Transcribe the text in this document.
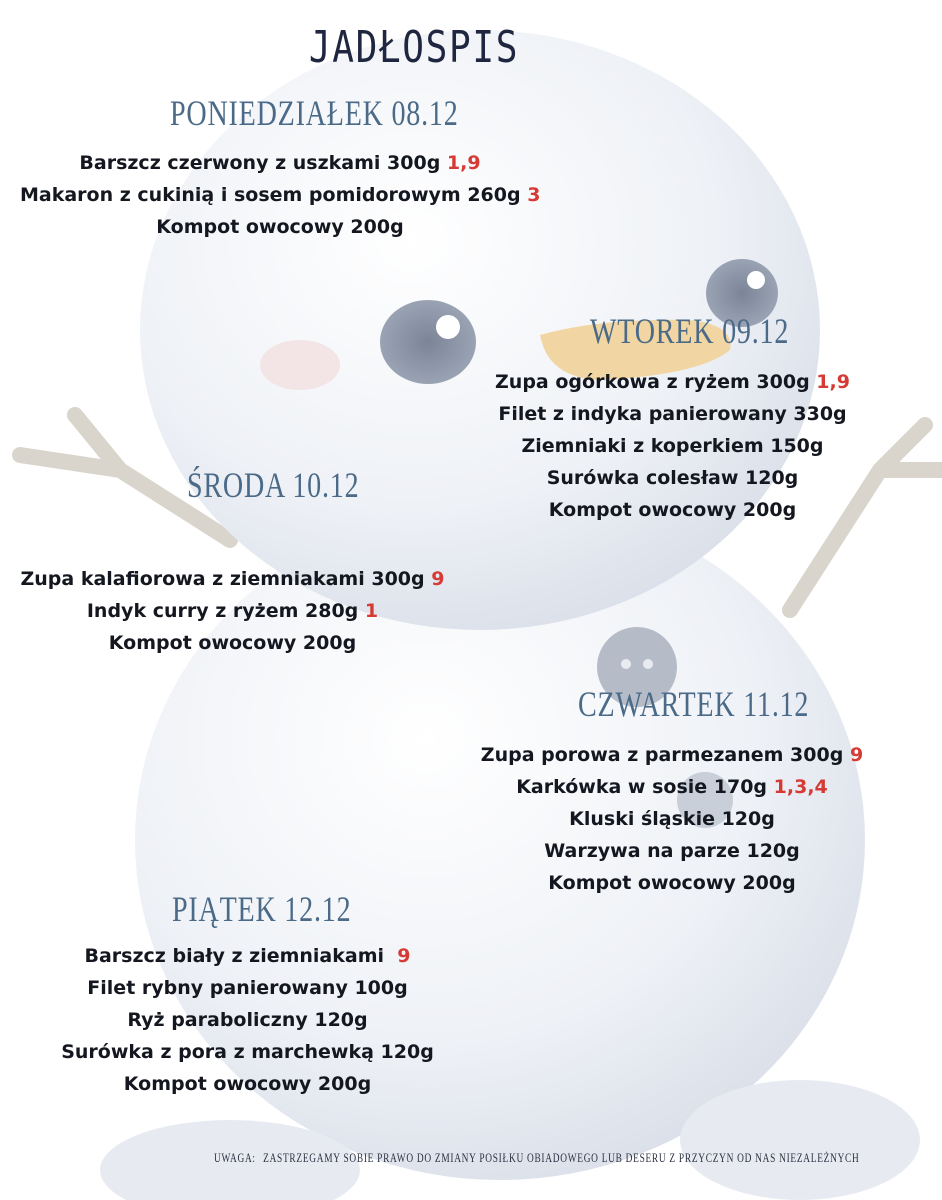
JADŁOSPIS
PONIEDZIAŁEK 08.12
Barszcz czerwony z uszkami 300g 1,9
Makaron z cukinią i sosem pomidorowym 260g 3
Kompot owocowy 200g
WTOREK 09.12
Zupa ogórkowa z ryżem 300g 1,9
Filet z indyka panierowany 330g
Ziemniaki z koperkiem 150g
Surówka colesław 120g
Kompot owocowy 200g
ŚRODA 10.12
Zupa kalafiorowa z ziemniakami 300g 9
Indyk curry z ryżem 280g 1
Kompot owocowy 200g
CZWARTEK 11.12
Zupa porowa z parmezanem 300g 9
Karkówka w sosie 170g 1,3,4
Kluski śląskie 120g
Warzywa na parze 120g
Kompot owocowy 200g
PIĄTEK 12.12
Barszcz biały z ziemniakami  9
Filet rybny panierowany 100g
Ryż paraboliczny 120g
Surówka z pora z marchewką 120g
Kompot owocowy 200g
UWAGA: ZASTRZEGAMY SOBIE PRAWO DO ZMIANY POSIŁKU OBIADOWEGO LUB DESERU Z PRZYCZYN OD NAS NIEZALEŻNYCH
